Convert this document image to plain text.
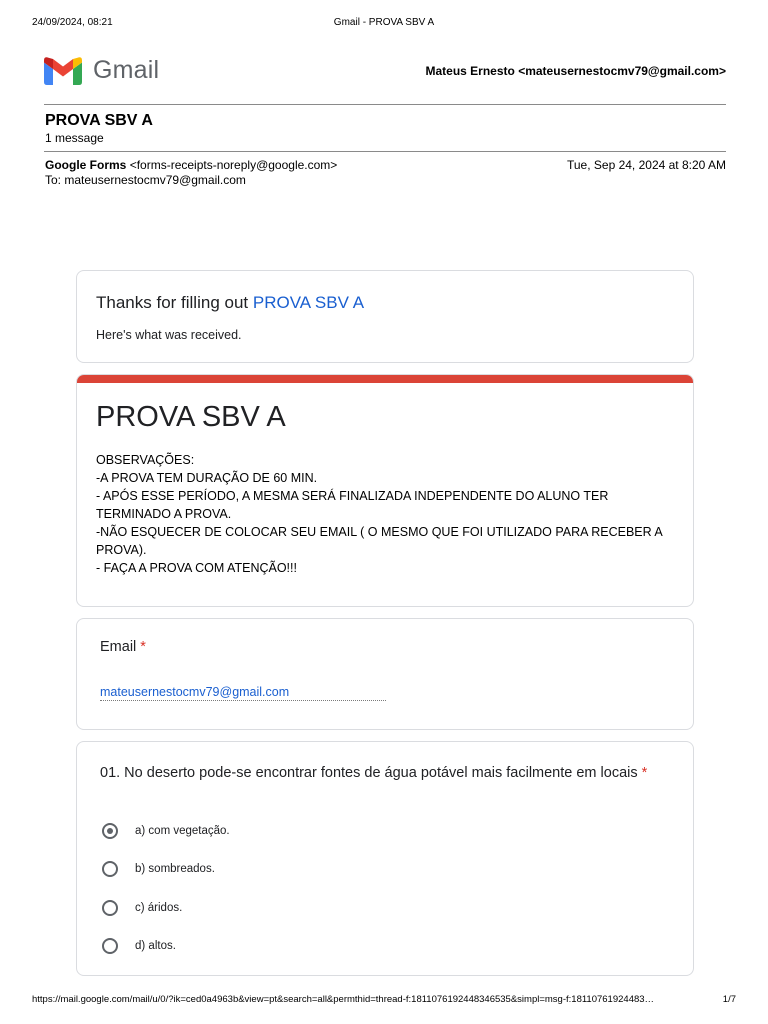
24/09/2024, 08:21	Gmail - PROVA SBV A
Gmail	Mateus Ernesto <mateusernestocmv79@gmail.com>
PROVA SBV A
1 message
Google Forms <forms-receipts-noreply@google.com>	Tue, Sep 24, 2024 at 8:20 AM
To: mateusernestocmv79@gmail.com
Thanks for filling out PROVA SBV A
Here's what was received.
PROVA SBV A
OBSERVAÇÕES:
-A PROVA TEM DURAÇÃO DE 60 MIN.
- APÓS ESSE PERÍODO, A MESMA SERÁ FINALIZADA INDEPENDENTE DO ALUNO TER TERMINADO A PROVA.
-NÃO ESQUECER DE COLOCAR SEU EMAIL ( O MESMO QUE FOI UTILIZADO PARA RECEBER A PROVA).
- FAÇA A PROVA COM ATENÇÃO!!!
Email *
mateusernestocmv79@gmail.com
01. No deserto pode-se encontrar fontes de água potável mais facilmente em locais *
a) com vegetação.
b) sombreados.
c) áridos.
d) altos.
https://mail.google.com/mail/u/0/?ik=ced0a4963b&view=pt&search=all&permthid=thread-f:1811076192448346535&simpl=msg-f:18110761924483…	1/7
